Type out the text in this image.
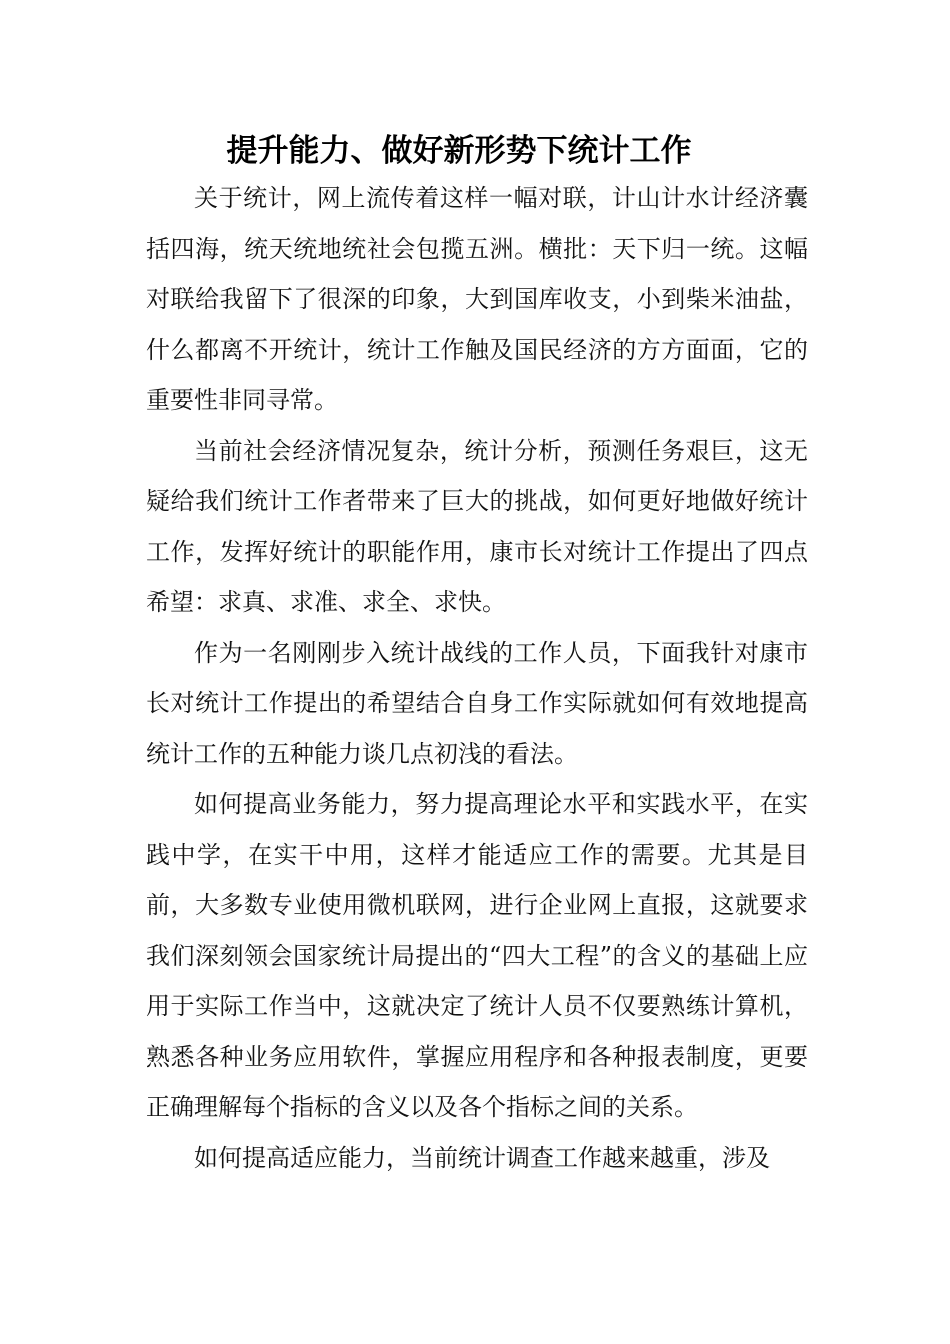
提升能力、做好新形势下统计工作

关于统计，网上流传着这样一幅对联，计山计水计经济囊括四海，统天统地统社会包揽五洲。横批：天下归一统。这幅对联给我留下了很深的印象，大到国库收支，小到柴米油盐，什么都离不开统计，统计工作触及国民经济的方方面面，它的重要性非同寻常。

当前社会经济情况复杂，统计分析，预测任务艰巨，这无疑给我们统计工作者带来了巨大的挑战，如何更好地做好统计工作，发挥好统计的职能作用，康市长对统计工作提出了四点希望：求真、求准、求全、求快。

作为一名刚刚步入统计战线的工作人员，下面我针对康市长对统计工作提出的希望结合自身工作实际就如何有效地提高统计工作的五种能力谈几点初浅的看法。

如何提高业务能力，努力提高理论水平和实践水平，在实践中学，在实干中用，这样才能适应工作的需要。尤其是目前，大多数专业使用微机联网，进行企业网上直报，这就要求我们深刻领会国家统计局提出的“四大工程”的含义的基础上应用于实际工作当中，这就决定了统计人员不仅要熟练计算机，熟悉各种业务应用软件，掌握应用程序和各种报表制度，更要正确理解每个指标的含义以及各个指标之间的关系。

如何提高适应能力，当前统计调查工作越来越重，涉及
